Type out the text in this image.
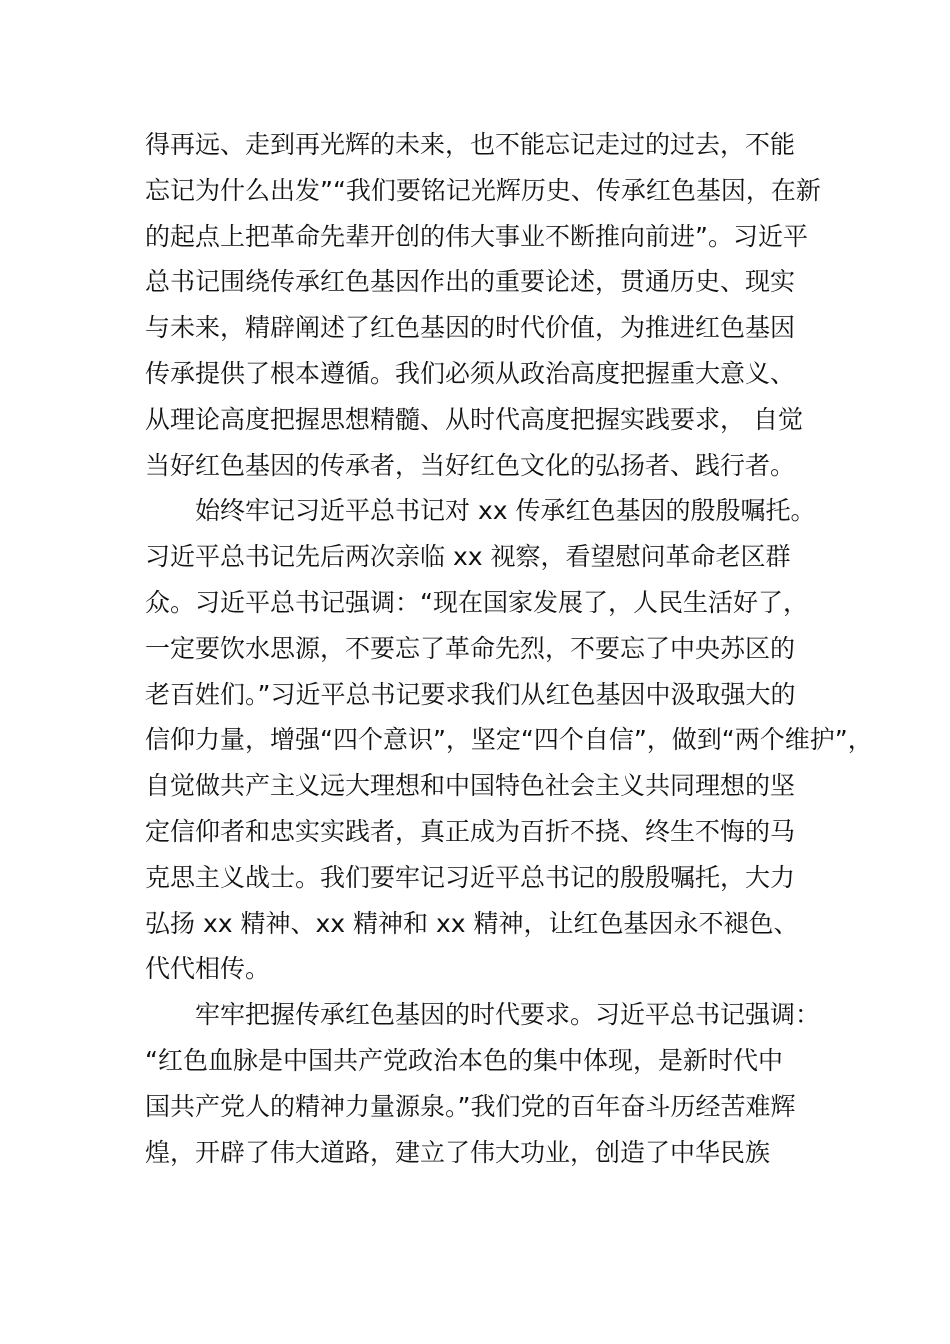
得再远、走到再光辉的未来，也不能忘记走过的过去，不能
忘记为什么出发”“我们要铭记光辉历史、传承红色基因，在新
的起点上把革命先辈开创的伟大事业不断推向前进”。习近平
总书记围绕传承红色基因作出的重要论述，贯通历史、现实
与未来，精辟阐述了红色基因的时代价值，为推进红色基因
传承提供了根本遵循。我们必须从政治高度把握重大意义、
从理论高度把握思想精髓、从时代高度把握实践要求， 自觉
当好红色基因的传承者，当好红色文化的弘扬者、践行者。
始终牢记习近平总书记对 xx 传承红色基因的殷殷嘱托。
习近平总书记先后两次亲临 xx 视察，看望慰问革命老区群
众。习近平总书记强调：“现在国家发展了，人民生活好了，
一定要饮水思源，不要忘了革命先烈，不要忘了中央苏区的
老百姓们。”习近平总书记要求我们从红色基因中汲取强大的
信仰力量，增强“四个意识”，坚定“四个自信”，做到“两个维护”，
自觉做共产主义远大理想和中国特色社会主义共同理想的坚
定信仰者和忠实实践者，真正成为百折不挠、终生不悔的马
克思主义战士。我们要牢记习近平总书记的殷殷嘱托，大力
弘扬 xx 精神、xx 精神和 xx 精神，让红色基因永不褪色、
代代相传。
牢牢把握传承红色基因的时代要求。习近平总书记强调：
“红色血脉是中国共产党政治本色的集中体现，是新时代中
国共产党人的精神力量源泉。”我们党的百年奋斗历经苦难辉
煌，开辟了伟大道路，建立了伟大功业，创造了中华民族
